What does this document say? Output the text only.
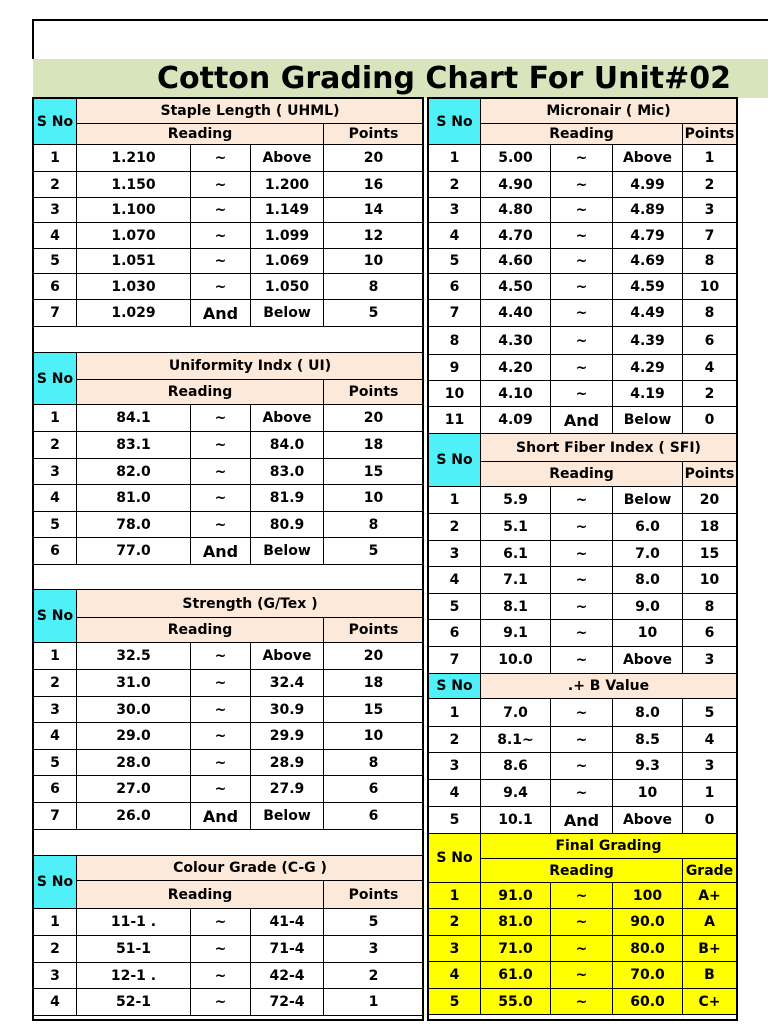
Cotton Grading Chart For Unit#02
S No	Staple Length ( UHML)			
	Reading			Points
1	1.210	~	Above	20
2	1.150	~	1.200	16
3	1.100	~	1.149	14
4	1.070	~	1.099	12
5	1.051	~	1.069	10
6	1.030	~	1.050	8
7	1.029	And	Below	5

S No	Uniformity Indx ( UI)			
	Reading			Points
1	84.1	~	Above	20
2	83.1	~	84.0	18
3	82.0	~	83.0	15
4	81.0	~	81.9	10
5	78.0	~	80.9	8
6	77.0	And	Below	5

S No	Strength (G/Tex )			
	Reading			Points
1	32.5	~	Above	20
2	31.0	~	32.4	18
3	30.0	~	30.9	15
4	29.0	~	29.9	10
5	28.0	~	28.9	8
6	27.0	~	27.9	6
7	26.0	And	Below	6

S No	Colour Grade (C-G )			
	Reading			Points
1	11-1 .	~	41-4	5
2	51-1	~	71-4	3
3	12-1 .	~	42-4	2
4	52-1	~	72-4	1
S No	Micronair ( Mic)			
	Reading			Points
1	5.00	~	Above	1
2	4.90	~	4.99	2
3	4.80	~	4.89	3
4	4.70	~	4.79	7
5	4.60	~	4.69	8
6	4.50	~	4.59	10
7	4.40	~	4.49	8
8	4.30	~	4.39	6
9	4.20	~	4.29	4
10	4.10	~	4.19	2
11	4.09	And	Below	0
S No	Short Fiber Index ( SFI)			
	Reading			Points
1	5.9	~	Below	20
2	5.1	~	6.0	18
3	6.1	~	7.0	15
4	7.1	~	8.0	10
5	8.1	~	9.0	8
6	9.1	~	10	6
7	10.0	~	Above	3
S No	.+ B Value			
1	7.0	~	8.0	5
2	8.1~	~	8.5	4
3	8.6	~	9.3	3
4	9.4	~	10	1
5	10.1	And	Above	0
S No	Final Grading			
	Reading			Grade
1	91.0	~	100	A+
2	81.0	~	90.0	A
3	71.0	~	80.0	B+
4	61.0	~	70.0	B
5	55.0	~	60.0	C+
